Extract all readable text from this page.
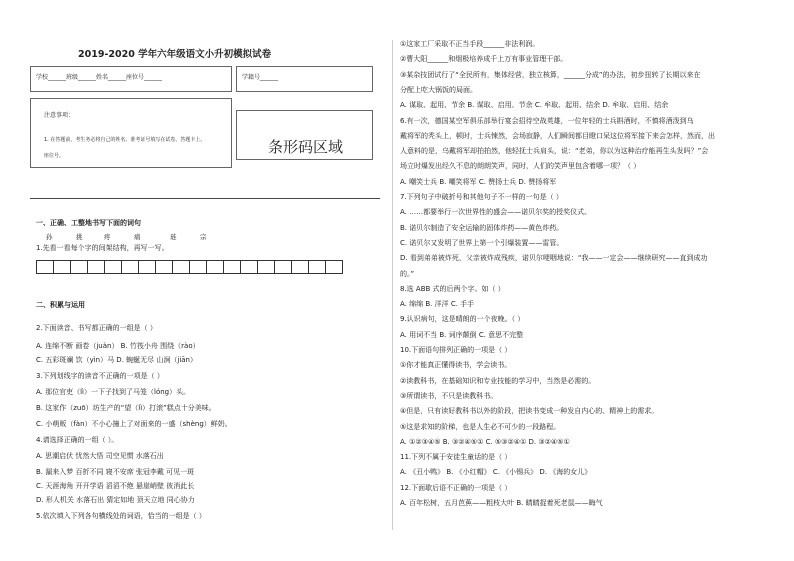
2019-2020 学年六年级语文小升初模拟试卷
学校______班级______姓名______座位号______	学籍号______
注意事项：
1. 在答题前，考生务必将自己的姓名、准考证号填写在试卷、答题卡上。
座位号。	条形码区域
一、正确、工整地书写下面的词句
1.先看一看每个字的间架结构，再写一写。
孙	挑	疼	痛	琏	宗
二、积累与运用
2.下面读音、书写都正确的一组是（ ）
A. 连绵不断 画卷（juàn） B. 竹筏小舟 围绕（rào）
C. 五彩斑斓 饮（yìn）马 D. 蜿蜒无尽 山涧（jiān）
3.下列划线字的读音不正确的一项是（ ）
A. 那位官吏（lì）一下子找到了马笼（lóng）头。
B. 这家作（zuō）坊生产的“望（lì）打滚”糕点十分美味。
C. 小萌贩（fàn）不小心撞上了对面来的一盛（shèng）鲜奶。
4.请选择正确的一组（ ）。
A. 思潮启伏 忧然大悟 司空见惯 水落石出
B. 漏来入梦 百折不同 寝不安席 张冠李戴 可见一斑
C. 天涯海角 开开学语 滔滔不绝 悬崖峭壁 彼消此长
D. 形人机关 水落石出 猜定如地 顶天立地 同心协力
5.依次填入下列各句横线处的词语，恰当的一组是（ ）
①这家工厂采取不正当手段______非法利润。
②曹大阳______和烟极培养成千上万有事业管理干部。
③某杂技团试行了“全民所有，集体经营，独立核算，______分成”的办法，初步扭转了长期以来在
分配上吃大锅饭的局面。
A. 谋取、起用、节余 B. 谋取、启用、节余 C. 牟取、起用、结余 D. 牟取、启用、结余
6.有一次，德国某空军俱乐部举行宴会招待空战英雄，一位年轻的士兵斟酒时，不慎将酒泼到乌
戴将军的秃头上，顿时，士兵悚然，会场寂静，人们瞬间都目瞪口呆这位将军接下来会怎样，然而，出
人意料的是，乌戴将军却拍拍然，他轻抚士兵肩头，说：“老弟，你以为这种治疗能再生头发吗？”会
场立时爆发出经久不息的朗朗笑声，同时，人们的笑声里包含着哪一项？（ ）
A. 嘲笑士兵 B. 嘲笑将军 C. 赞扬士兵 D. 赞扬将军
7.下列句子中破折号和其他句子不一样的一句是（ ）
A. ……都要举行一次世界性的盛会——诺贝尔奖的授奖仪式。
B. 诺贝尔制造了安全运输的固体炸药——黄色炸药。
C. 诺贝尔又发明了世界上第一个引爆装置——雷管。
D. 看到弟弟被炸死，父亲被炸成残疾，诺贝尔哽咽地说：“我——一定会——继续研究——直到成功
的。”
8.选 ABB 式的后两个字。如（ ）
A. 绵绵 B. 洋洋 C. 手手
9.认识病句，这是晴朗的一个夜晚。（ ）
A. 用词不当 B. 词序颠倒 C. 意思不完整
10.下面语句排列正确的一项是（ ）
①你才能真正懂得读书，学会读书。
②读教科书，在基础知识和专业技能的学习中，当然是必需的。
③所谓读书，不只是读教科书。
④但是，只有读好教科书以外的阶段，把读书变成一种发自内心的、精神上的需求。
⑤这是求知的阶梯，也是人生必不可少的一段路程。
A. ①②③④⑤ B. ③②④⑤① C. ⑤③②④① D. ③②④⑤①
11.下列不属于安徒生童话的是（ ）
A. 《丑小鸭》 B. 《小红帽》 C. 《小锡兵》 D. 《海的女儿》
12.下面歇后语不正确的一项是（ ）
A. 百年松树，五月芭蕉——粗枝大叶 B. 睛睛捉着死老鼠——晦气
